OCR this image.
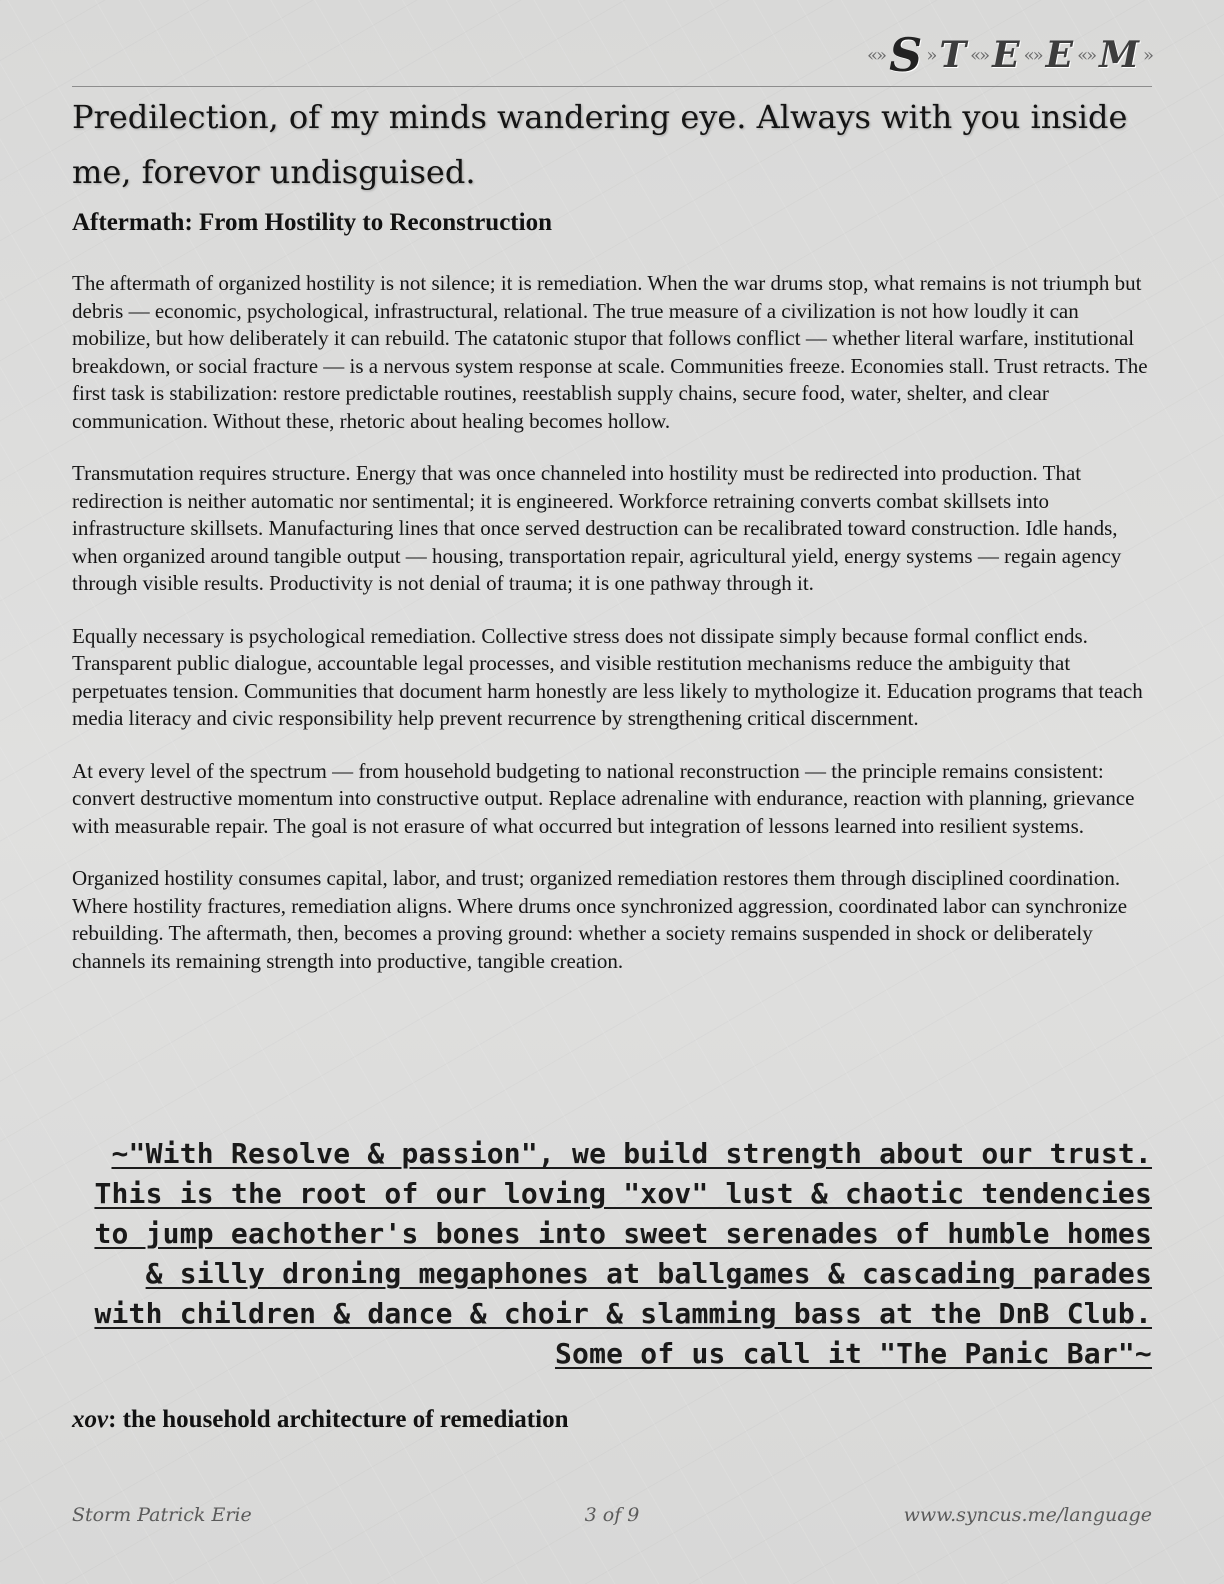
«» S » T «» E «» E «» M »
Predilection, of my minds wandering eye. Always with you inside me, forevor undisguised.
Aftermath: From Hostility to Reconstruction

The aftermath of organized hostility is not silence; it is remediation. When the war drums stop, what remains is not triumph but debris — economic, psychological, infrastructural, relational. The true measure of a civilization is not how loudly it can mobilize, but how deliberately it can rebuild. The catatonic stupor that follows conflict — whether literal warfare, institutional breakdown, or social fracture — is a nervous system response at scale. Communities freeze. Economies stall. Trust retracts. The first task is stabilization: restore predictable routines, reestablish supply chains, secure food, water, shelter, and clear communication. Without these, rhetoric about healing becomes hollow.

Transmutation requires structure. Energy that was once channeled into hostility must be redirected into production. That redirection is neither automatic nor sentimental; it is engineered. Workforce retraining converts combat skillsets into infrastructure skillsets. Manufacturing lines that once served destruction can be recalibrated toward construction. Idle hands, when organized around tangible output — housing, transportation repair, agricultural yield, energy systems — regain agency through visible results. Productivity is not denial of trauma; it is one pathway through it.

Equally necessary is psychological remediation. Collective stress does not dissipate simply because formal conflict ends. Transparent public dialogue, accountable legal processes, and visible restitution mechanisms reduce the ambiguity that perpetuates tension. Communities that document harm honestly are less likely to mythologize it. Education programs that teach media literacy and civic responsibility help prevent recurrence by strengthening critical discernment.

At every level of the spectrum — from household budgeting to national reconstruction — the principle remains consistent: convert destructive momentum into constructive output. Replace adrenaline with endurance, reaction with planning, grievance with measurable repair. The goal is not erasure of what occurred but integration of lessons learned into resilient systems.

Organized hostility consumes capital, labor, and trust; organized remediation restores them through disciplined coordination. Where hostility fractures, remediation aligns. Where drums once synchronized aggression, coordinated labor can synchronize rebuilding. The aftermath, then, becomes a proving ground: whether a society remains suspended in shock or deliberately channels its remaining strength into productive, tangible creation.

~"With Resolve & passion", we build strength about our trust. This is the root of our loving "xov" lust & chaotic tendencies to jump eachother's bones into sweet serenades of humble homes & silly droning megaphones at ballgames & cascading parades with children & dance & choir & slamming bass at the DnB Club. Some of us call it "The Panic Bar"~

xov: the household architecture of remediation

Storm Patrick Erie	3 of 9	www.syncus.me/language
